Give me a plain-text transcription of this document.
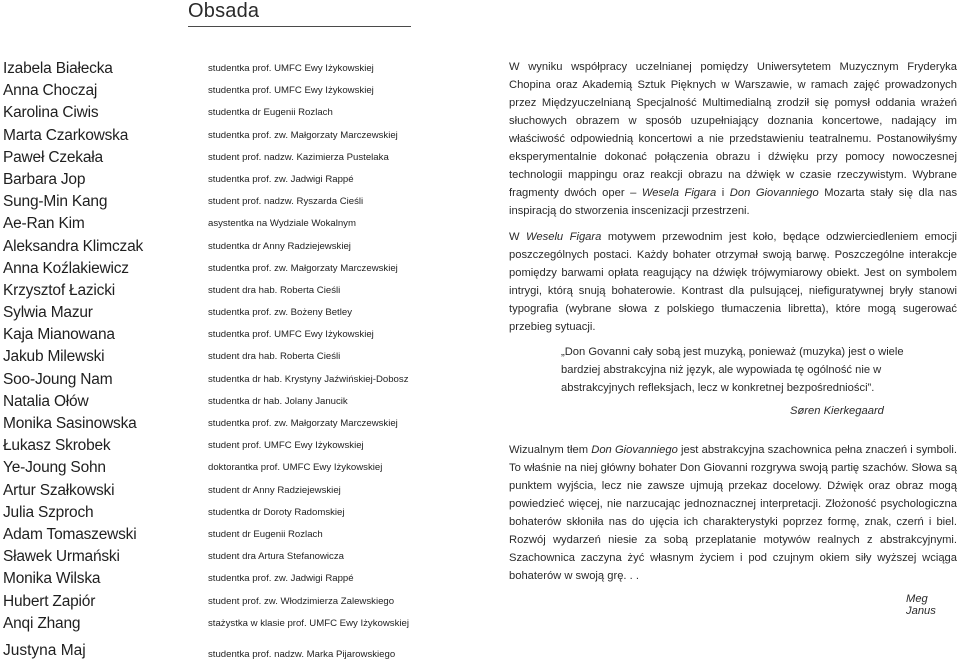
Obsada
Izabela Białecka
Anna Choczaj
Karolina Ciwis
Marta Czarkowska
Paweł Czekała
Barbara Jop
Sung-Min Kang
Ae-Ran Kim
Aleksandra Klimczak
Anna Koźlakiewicz
Krzysztof Łazicki
Sylwia Mazur
Kaja Mianowana
Jakub Milewski
Soo-Joung Nam
Natalia Ołów
Monika Sasinowska
Łukasz Skrobek
Ye-Joung Sohn
Artur Szałkowski
Julia Szproch
Adam Tomaszewski
Sławek Urmański
Monika Wilska
Hubert Zapiór
Anqi Zhang
studentka prof. UMFC Ewy Iżykowskiej
studentka prof. UMFC Ewy Iżykowskiej
studentka dr Eugenii Rozlach
studentka prof. zw. Małgorzaty Marczewskiej
student prof. nadzw. Kazimierza Pustelaka
studentka prof. zw. Jadwigi Rappé
student prof. nadzw. Ryszarda Cieśli
asystentka na Wydziale Wokalnym
studentka dr Anny Radziejewskiej
studentka prof. zw. Małgorzaty Marczewskiej
student dra hab. Roberta Cieśli
studentka prof. zw. Bożeny Betley
studentka prof. UMFC Ewy Iżykowskiej
student dra hab. Roberta Cieśli
studentka dr hab. Krystyny Jaźwińskiej-Dobosz
studentka dr hab. Jolany Janucik
studentka prof. zw. Małgorzaty Marczewskiej
student prof. UMFC Ewy Iżykowskiej
doktorantka prof. UMFC Ewy Iżykowskiej
student dr Anny Radziejewskiej
studentka dr Doroty Radomskiej
student dr Eugenii Rozlach
student dra Artura Stefanowicza
studentka prof. zw. Jadwigi Rappé
student prof. zw. Włodzimierza Zalewskiego
stażystka w klasie prof. UMFC Ewy Iżykowskiej
Justyna Maj	studentka prof. nadzw. Marka Pijarowskiego

W wyniku współpracy uczelnianej pomiędzy Uniwersytetem Muzycznym Fryderyka Chopina oraz Akademią Sztuk Pięknych w Warszawie, w ramach zajęć prowadzonych przez Międzyuczelnianą Specjalność Multimedialną zrodził się pomysł oddania wrażeń słuchowych obrazem w sposób uzupełniający doznania koncertowe, nadający im właściwość odpowiednią koncertowi a nie przedstawieniu teatralnemu. Postanowiłyśmy eksperymentalnie dokonać połączenia obrazu i dźwięku przy pomocy nowoczesnej technologii mappingu oraz reakcji obrazu na dźwięk w czasie rzeczywistym. Wybrane fragmenty dwóch oper – Wesela Figara i Don Giovanniego Mozarta stały się dla nas inspiracją do stworzenia inscenizacji przestrzeni.

W Weselu Figara motywem przewodnim jest koło, będące odzwierciedleniem emocji poszczególnych postaci. Każdy bohater otrzymał swoją barwę. Poszczególne interakcje pomiędzy barwami opłata reagujący na dźwięk trójwymiarowy obiekt. Jest on symbolem intrygi, którą snują bohaterowie. Kontrast dla pulsującej, niefiguratywnej bryły stanowi typografia (wybrane słowa z polskiego tłumaczenia libretta), które mogą sugerować przebieg sytuacji.

„Don Govanni cały sobą jest muzyką, ponieważ (muzyka) jest o wiele bardziej abstrakcyjna niż język, ale wypowiada tę ogólność nie w abstrakcyjnych refleksjach, lecz w konkretnej bezpośredniości”.
Søren Kierkegaard

Wizualnym tłem Don Giovanniego jest abstrakcyjna szachownica pełna znaczeń i symboli. To właśnie na niej główny bohater Don Giovanni rozgrywa swoją partię szachów. Słowa są punktem wyjścia, lecz nie zawsze ujmują przekaz docelowy. Dźwięk oraz obraz mogą powiedzieć więcej, nie narzucając jednoznacznej interpretacji. Złożoność psychologiczna bohaterów skłoniła nas do ujęcia ich charakterystyki poprzez formę, znak, czerń i biel. Rozwój wydarzeń niesie za sobą przeplatanie motywów realnych z abstrakcyjnymi. Szachownica zaczyna żyć własnym życiem i pod czujnym okiem siły wyższej wciąga bohaterów w swoją grę. . .

Meg Janus
